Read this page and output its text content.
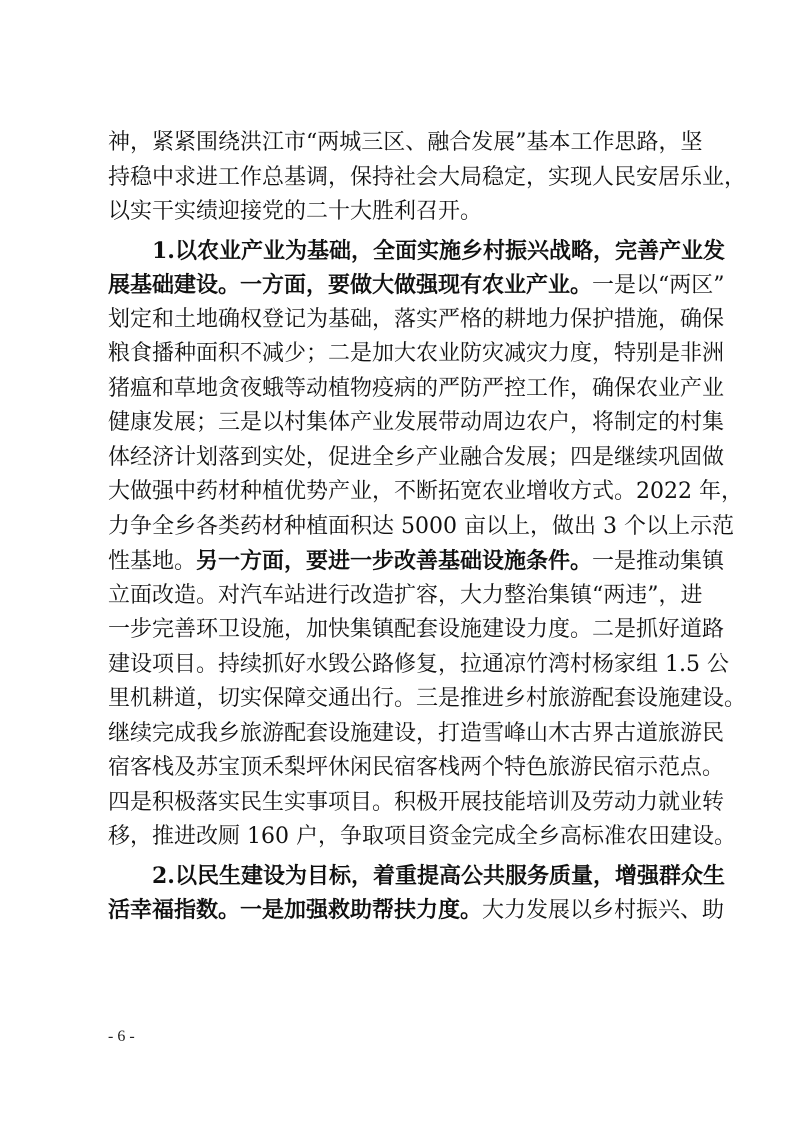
神，紧紧围绕洪江市“两城三区、融合发展”基本工作思路，坚
持稳中求进工作总基调，保持社会大局稳定，实现人民安居乐业，
以实干实绩迎接党的二十大胜利召开。
1.以农业产业为基础，全面实施乡村振兴战略，完善产业发
展基础建设。一方面，要做大做强现有农业产业。一是以“两区”
划定和土地确权登记为基础，落实严格的耕地力保护措施，确保
粮食播种面积不减少；二是加大农业防灾减灾力度，特别是非洲
猪瘟和草地贪夜蛾等动植物疫病的严防严控工作，确保农业产业
健康发展；三是以村集体产业发展带动周边农户，将制定的村集
体经济计划落到实处，促进全乡产业融合发展；四是继续巩固做
大做强中药材种植优势产业，不断拓宽农业增收方式。2022 年，
力争全乡各类药材种植面积达 5000 亩以上，做出 3 个以上示范
性基地。另一方面，要进一步改善基础设施条件。一是推动集镇
立面改造。对汽车站进行改造扩容，大力整治集镇“两违”，进
一步完善环卫设施，加快集镇配套设施建设力度。二是抓好道路
建设项目。持续抓好水毁公路修复，拉通凉竹湾村杨家组 1.5 公
里机耕道，切实保障交通出行。三是推进乡村旅游配套设施建设。
继续完成我乡旅游配套设施建设，打造雪峰山木古界古道旅游民
宿客栈及苏宝顶禾梨坪休闲民宿客栈两个特色旅游民宿示范点。
四是积极落实民生实事项目。积极开展技能培训及劳动力就业转
移，推进改厕 160 户，争取项目资金完成全乡高标准农田建设。
2.以民生建设为目标，着重提高公共服务质量，增强群众生
活幸福指数。一是加强救助帮扶力度。大力发展以乡村振兴、助
- 6 -
